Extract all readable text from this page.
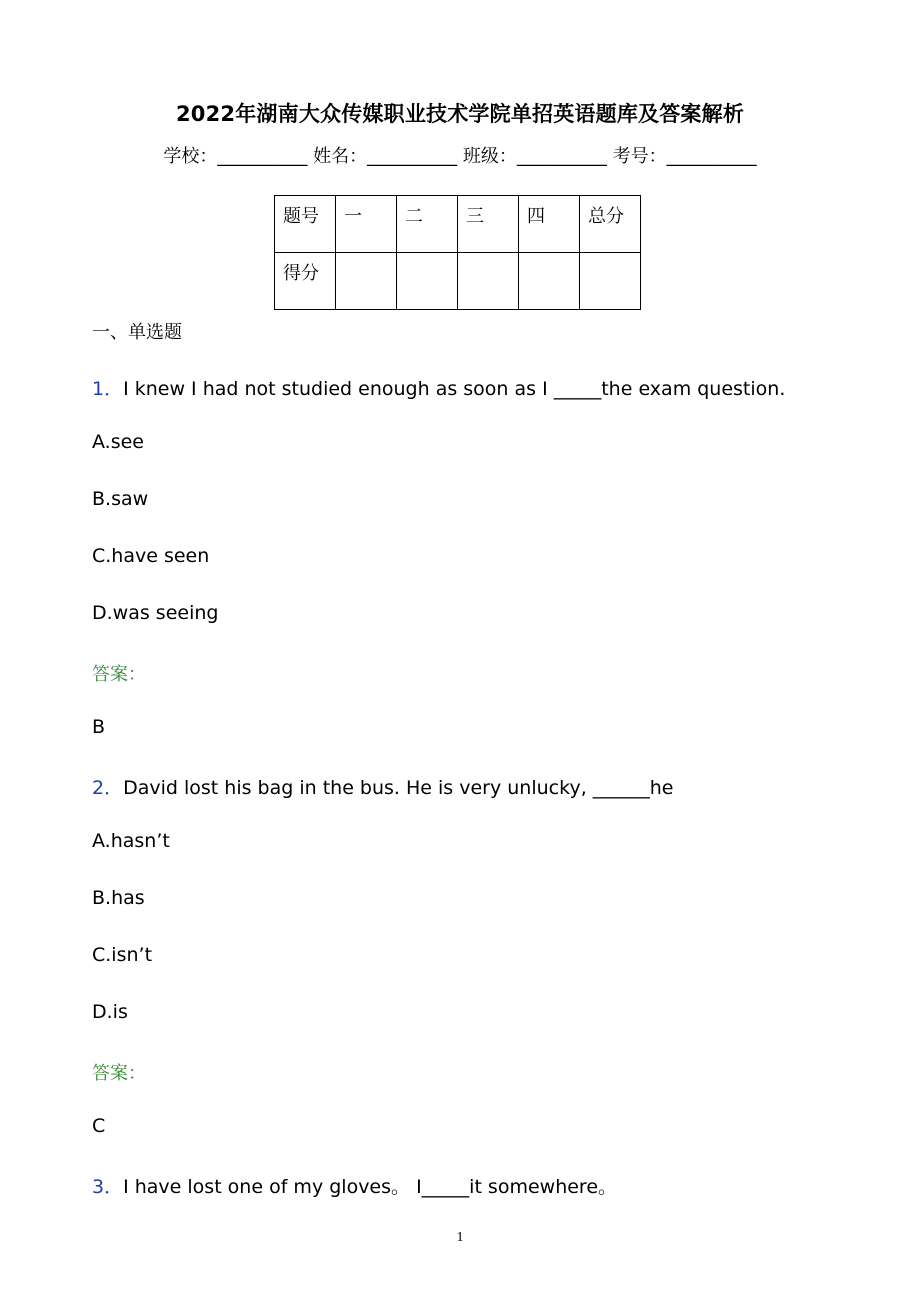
2022年湖南大众传媒职业技术学院单招英语题库及答案解析
学校：__________ 姓名：__________ 班级：__________ 考号：__________
题号	一	二	三	四	总分
得分					
一、单选题
1．I knew I had not studied enough as soon as I _____the exam question.
A.see
B.saw
C.have seen
D.was seeing
答案：
B
2．David lost his bag in the bus. He is very unlucky, ______he
A.hasn’t
B.has
C.isn’t
D.is
答案：
C
3．I have lost one of my gloves。 I_____it somewhere。
1
